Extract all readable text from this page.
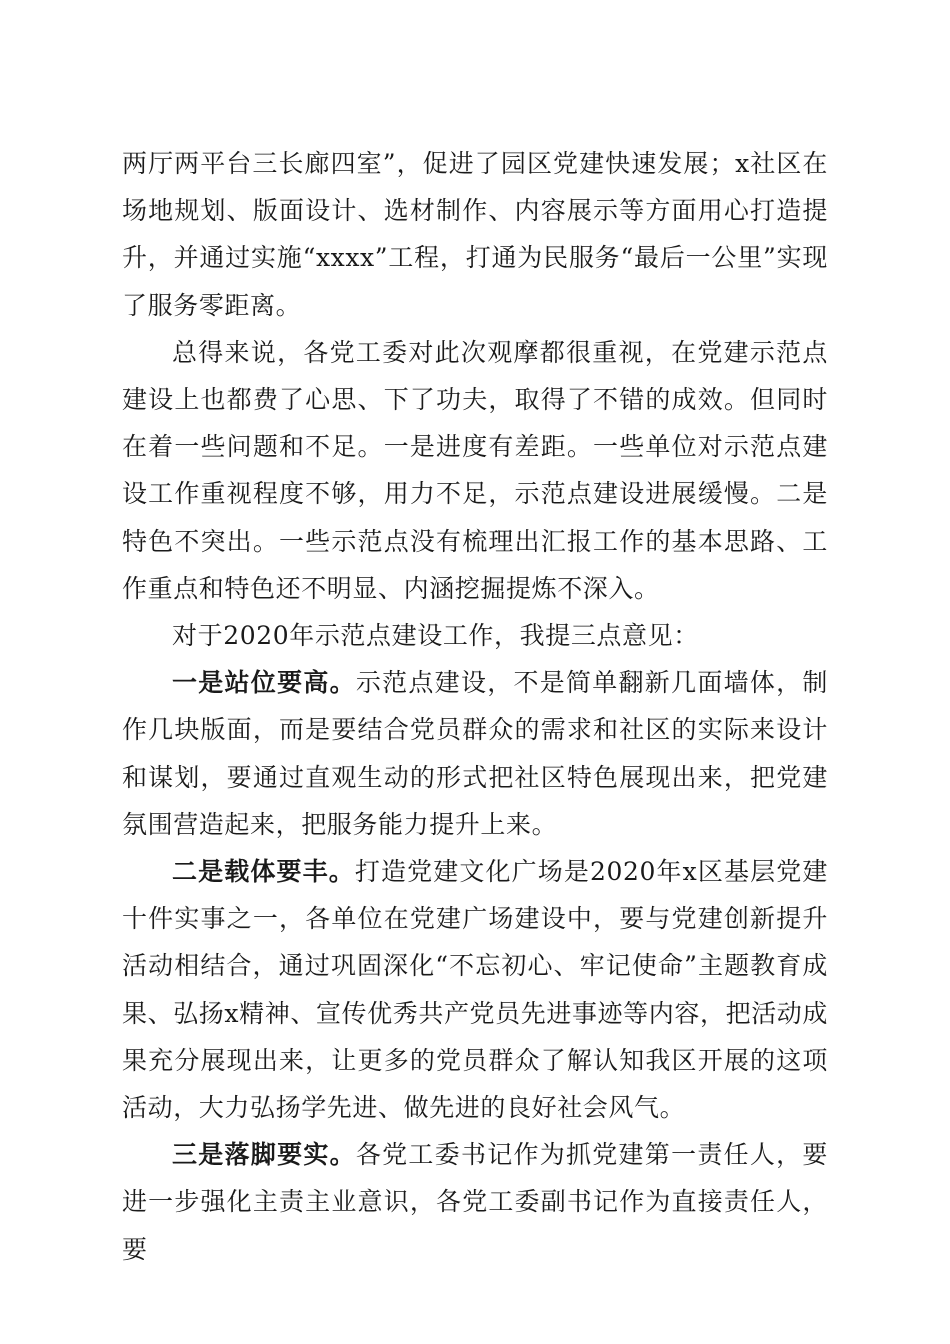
两厅两平台三长廊四室”，促进了园区党建快速发展；x社区在场地规划、版面设计、选材制作、内容展示等方面用心打造提升，并通过实施“xxxx”工程，打通为民服务“最后一公里”实现了服务零距离。

总得来说，各党工委对此次观摩都很重视，在党建示范点建设上也都费了心思、下了功夫，取得了不错的成效。但同时在着一些问题和不足。一是进度有差距。一些单位对示范点建设工作重视程度不够，用力不足，示范点建设进展缓慢。二是特色不突出。一些示范点没有梳理出汇报工作的基本思路、工作重点和特色还不明显、内涵挖掘提炼不深入。

对于2020年示范点建设工作，我提三点意见：

一是站位要高。示范点建设，不是简单翻新几面墙体，制作几块版面，而是要结合党员群众的需求和社区的实际来设计和谋划，要通过直观生动的形式把社区特色展现出来，把党建氛围营造起来，把服务能力提升上来。

二是载体要丰。打造党建文化广场是2020年x区基层党建十件实事之一，各单位在党建广场建设中，要与党建创新提升活动相结合，通过巩固深化“不忘初心、牢记使命”主题教育成果、弘扬x精神、宣传优秀共产党员先进事迹等内容，把活动成果充分展现出来，让更多的党员群众了解认知我区开展的这项活动，大力弘扬学先进、做先进的良好社会风气。

三是落脚要实。各党工委书记作为抓党建第一责任人，要进一步强化主责主业意识，各党工委副书记作为直接责任人，要
